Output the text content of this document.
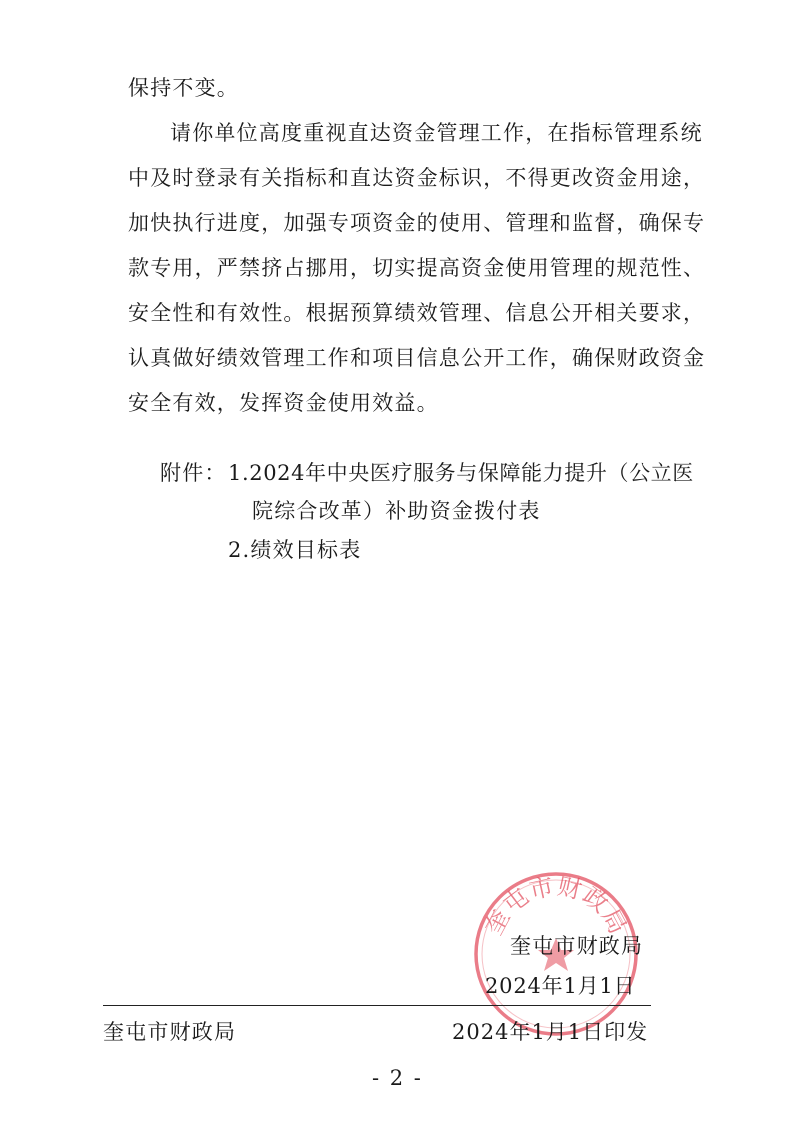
保持不变。
请你单位高度重视直达资金管理工作，在指标管理系统
中及时登录有关指标和直达资金标识，不得更改资金用途，
加快执行进度，加强专项资金的使用、管理和监督，确保专
款专用，严禁挤占挪用，切实提高资金使用管理的规范性、
安全性和有效性。根据预算绩效管理、信息公开相关要求，
认真做好绩效管理工作和项目信息公开工作，确保财政资金
安全有效，发挥资金使用效益。
附件： 1.2024年中央医疗服务与保障能力提升（公立医
院综合改革）补助资金拨付表
2.绩效目标表
奎屯市财政局
奎屯市财政局
2024年1月1日
奎屯市财政局	2024年1月1日印发
- 2 -
